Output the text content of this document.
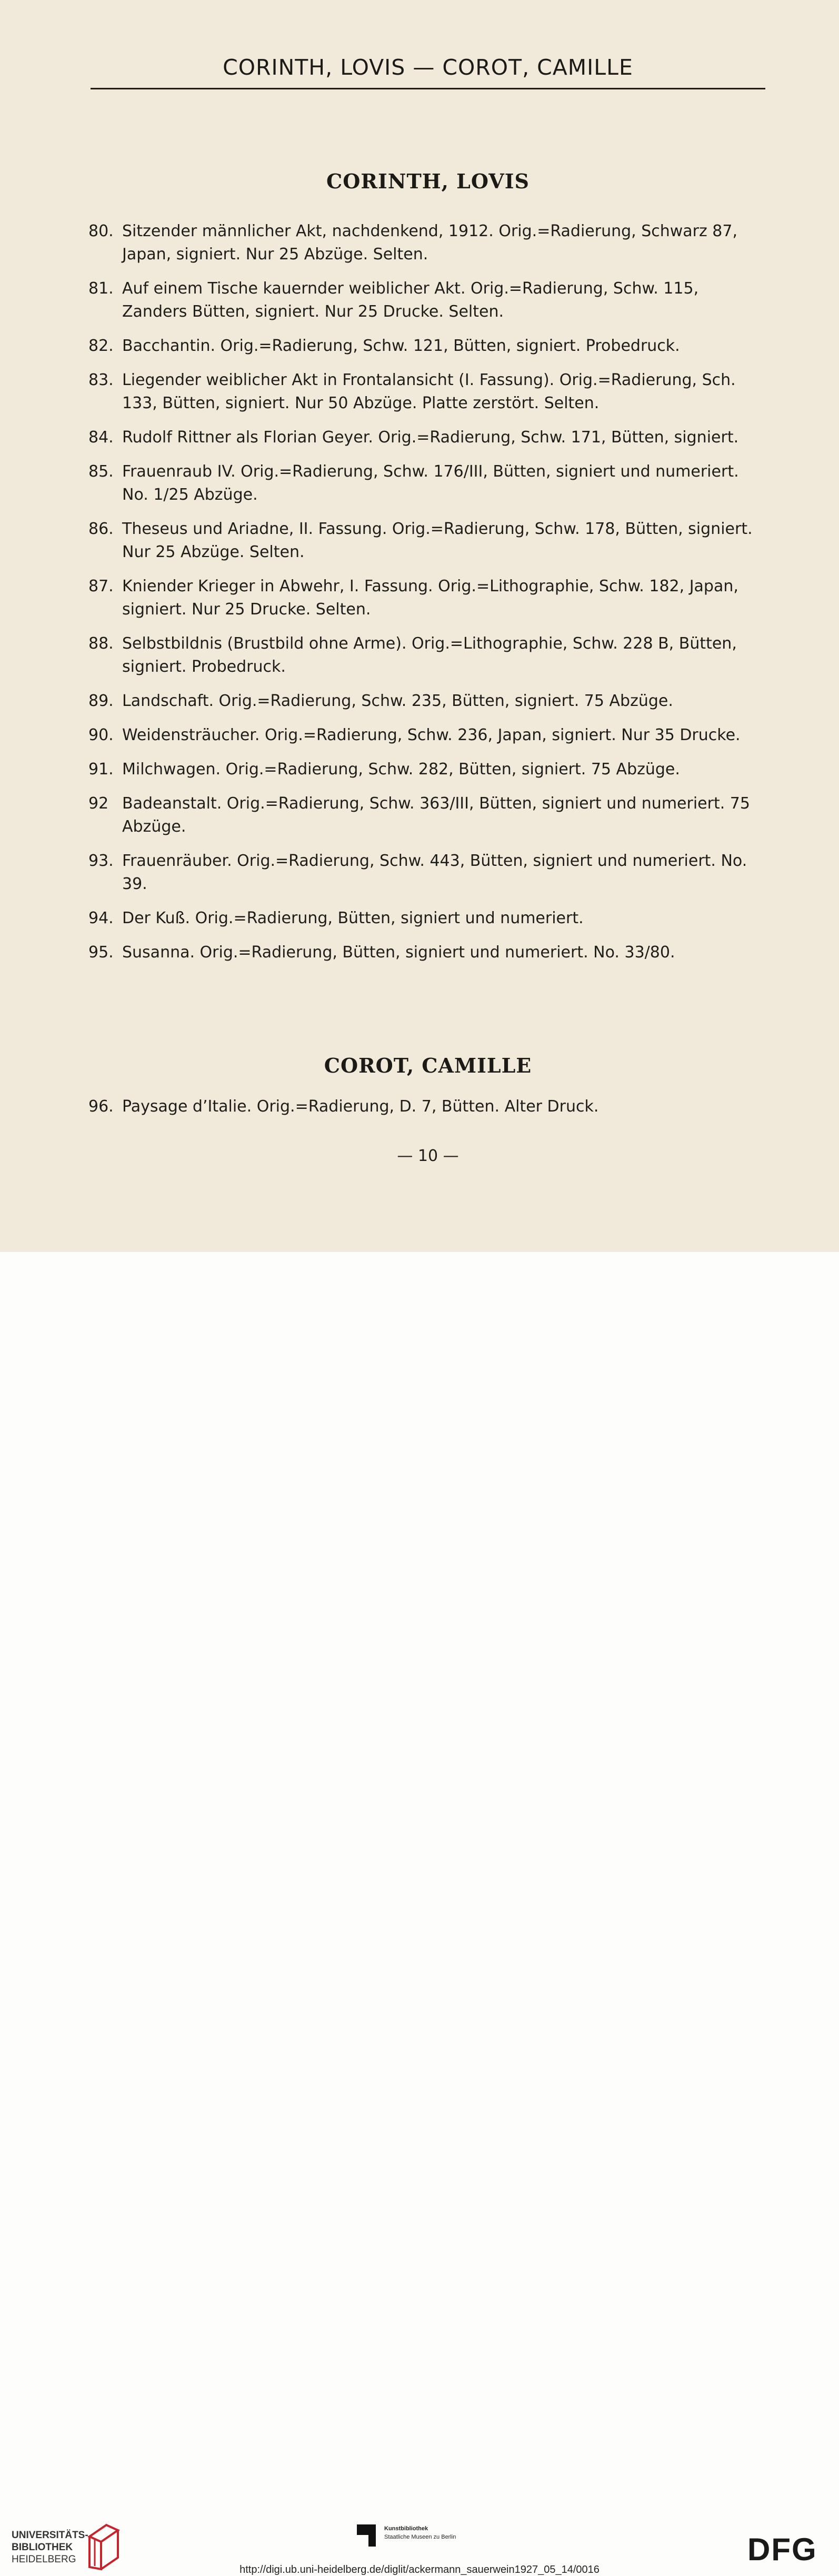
CORINTH, LOVIS — COROT, CAMILLE
CORINTH, LOVIS
80. Sitzender männlicher Akt, nachdenkend, 1912. Orig.=Radierung, Schwarz 87, Japan, signiert. Nur 25 Abzüge. Selten.
81. Auf einem Tische kauernder weiblicher Akt. Orig.=Radierung, Schw. 115, Zanders Bütten, signiert. Nur 25 Drucke. Selten.
82. Bacchantin. Orig.=Radierung, Schw. 121, Bütten, signiert. Probedruck.
83. Liegender weiblicher Akt in Frontalansicht (I. Fassung). Orig.=Radierung, Sch. 133, Bütten, signiert. Nur 50 Abzüge. Platte zerstört. Selten.
84. Rudolf Rittner als Florian Geyer. Orig.=Radierung, Schw. 171, Bütten, signiert.
85. Frauenraub IV. Orig.=Radierung, Schw. 176/III, Bütten, signiert und numeriert. No. 1/25 Abzüge.
86. Theseus und Ariadne, II. Fassung. Orig.=Radierung, Schw. 178, Bütten, signiert. Nur 25 Abzüge. Selten.
87. Kniender Krieger in Abwehr, I. Fassung. Orig.=Lithographie, Schw. 182, Japan, signiert. Nur 25 Drucke. Selten.
88. Selbstbildnis (Brustbild ohne Arme). Orig.=Lithographie, Schw. 228 B, Bütten, signiert. Probedruck.
89. Landschaft. Orig.=Radierung, Schw. 235, Bütten, signiert. 75 Abzüge.
90. Weidensträucher. Orig.=Radierung, Schw. 236, Japan, signiert. Nur 35 Drucke.
91. Milchwagen. Orig.=Radierung, Schw. 282, Bütten, signiert. 75 Abzüge.
92 Badeanstalt. Orig.=Radierung, Schw. 363/III, Bütten, signiert und numeriert. 75 Abzüge.
93. Frauenräuber. Orig.=Radierung, Schw. 443, Bütten, signiert und numeriert. No. 39.
94. Der Kuß. Orig.=Radierung, Bütten, signiert und numeriert.
95. Susanna. Orig.=Radierung, Bütten, signiert und numeriert. No. 33/80.
COROT, CAMILLE
96. Paysage d’Italie. Orig.=Radierung, D. 7, Bütten. Alter Druck.
— 10 —
UNIVERSITÄTS-
BIBLIOTHEK
HEIDELBERG
Kunstbibliothek
Staatliche Museen zu Berlin	DFG
http://digi.ub.uni-heidelberg.de/diglit/ackermann_sauerwein1927_05_14/0016
